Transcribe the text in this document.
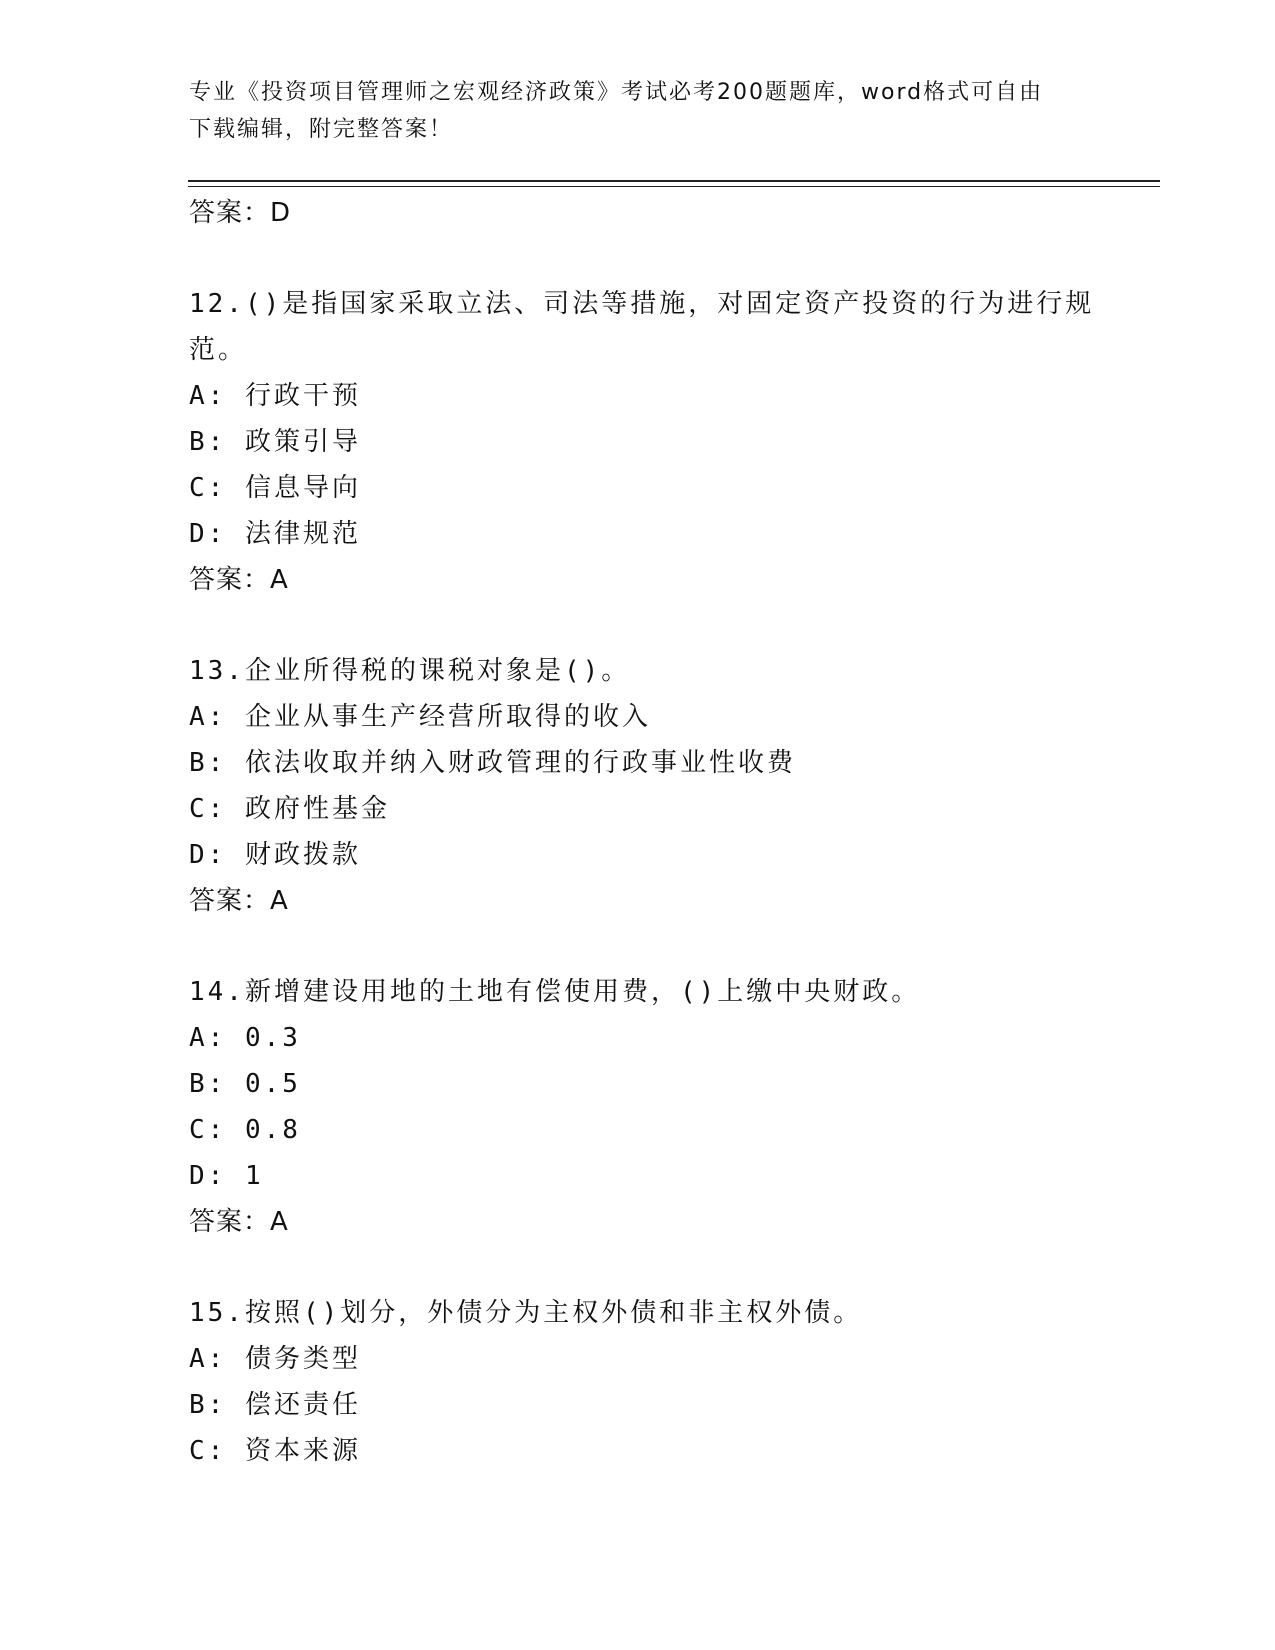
专业《投资项目管理师之宏观经济政策》考试必考200题题库，word格式可自由
下载编辑，附完整答案！
答案：D
12.()是指国家采取立法、司法等措施，对固定资产投资的行为进行规
范。
A: 行政干预
B: 政策引导
C: 信息导向
D: 法律规范
答案：A
13.企业所得税的课税对象是()。
A: 企业从事生产经营所取得的收入
B: 依法收取并纳入财政管理的行政事业性收费
C: 政府性基金
D: 财政拨款
答案：A
14.新增建设用地的土地有偿使用费，()上缴中央财政。
A: 0.3
B: 0.5
C: 0.8
D: 1
答案：A
15.按照()划分，外债分为主权外债和非主权外债。
A: 债务类型
B: 偿还责任
C: 资本来源
